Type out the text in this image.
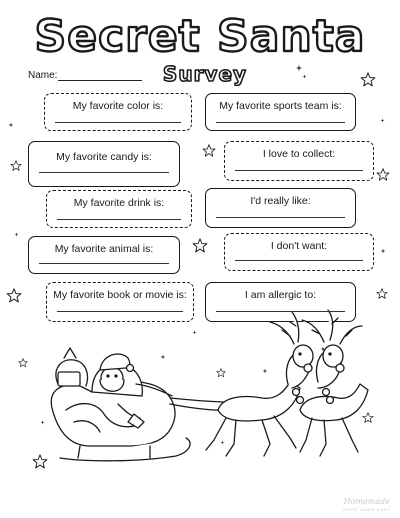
Secret Santa
Survey
Name:
My favorite color is:	My favorite sports team is:
My favorite candy is:	I love to collect:
My favorite drink is:	I'd really like:
My favorite animal is:	I don't want:
My favorite book or movie is:	I am allergic to:
Homemade
GIFTS MADE EASY
